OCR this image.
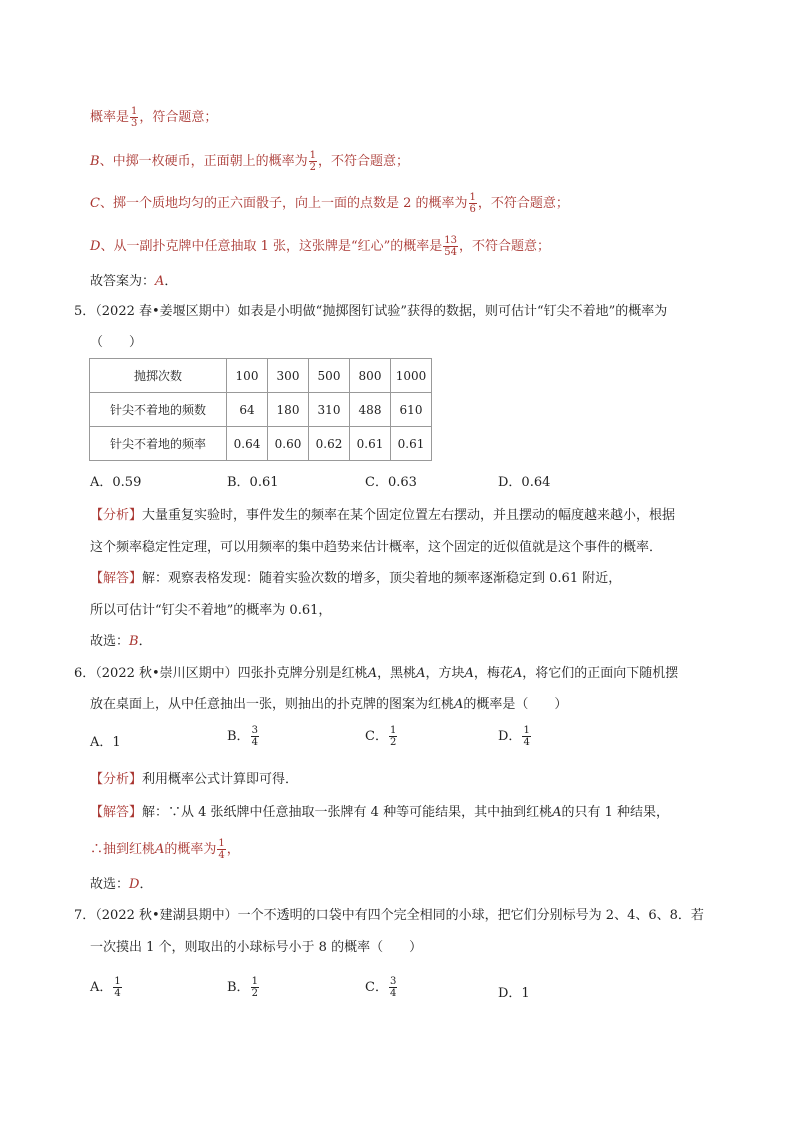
概率是 $\frac{1}{3}$ ，符合题意；
B、中掷一枚硬币，正面朝上的概率为 $\frac{1}{2}$ ，不符合题意；
C、掷一个质地均匀的正六面骰子，向上一面的点数是 2 的概率为 $\frac{1}{6}$ ，不符合题意；
D、从一副扑克牌中任意抽取 1 张，这张牌是“红心”的概率是 $\frac{13}{54}$ ，不符合题意；
故答案为：A．
5．（2022 春•姜堰区期中）如表是小明做“抛掷图钉试验”获得的数据，则可估计“钉尖不着地”的概率为
（　　）
抛掷次数	100	300	500	800	1000
针尖不着地的频数	64	180	310	488	610
针尖不着地的频率	0.64	0.60	0.62	0.61	0.61
A．0.59	B．0.61	C．0.63	D．0.64
【分析】大量重复实验时，事件发生的频率在某个固定位置左右摆动，并且摆动的幅度越来越小，根据
这个频率稳定性定理，可以用频率的集中趋势来估计概率，这个固定的近似值就是这个事件的概率．
【解答】解：观察表格发现：随着实验次数的增多，顶尖着地的频率逐渐稳定到 0.61 附近，
所以可估计“钉尖不着地”的概率为 0.61，
故选：B．
6．（2022 秋•崇川区期中）四张扑克牌分别是红桃A，黑桃A，方块A，梅花A，将它们的正面向下随机摆
放在桌面上，从中任意抽出一张，则抽出的扑克牌的图案为红桃A的概率是（　　）
A．1	B． $\frac{3}{4}$	C． $\frac{1}{2}$	D． $\frac{1}{4}$
【分析】利用概率公式计算即可得．
【解答】解：∵从 4 张纸牌中任意抽取一张牌有 4 种等可能结果，其中抽到红桃A的只有 1 种结果，
∴抽到红桃A的概率为 $\frac{1}{4}$ ，
故选：D．
7．（2022 秋•建湖县期中）一个不透明的口袋中有四个完全相同的小球，把它们分别标号为 2、4、6、8．若
一次摸出 1 个，则取出的小球标号小于 8 的概率（　　）
A． $\frac{1}{4}$	B． $\frac{1}{2}$	C． $\frac{3}{4}$	D．1
